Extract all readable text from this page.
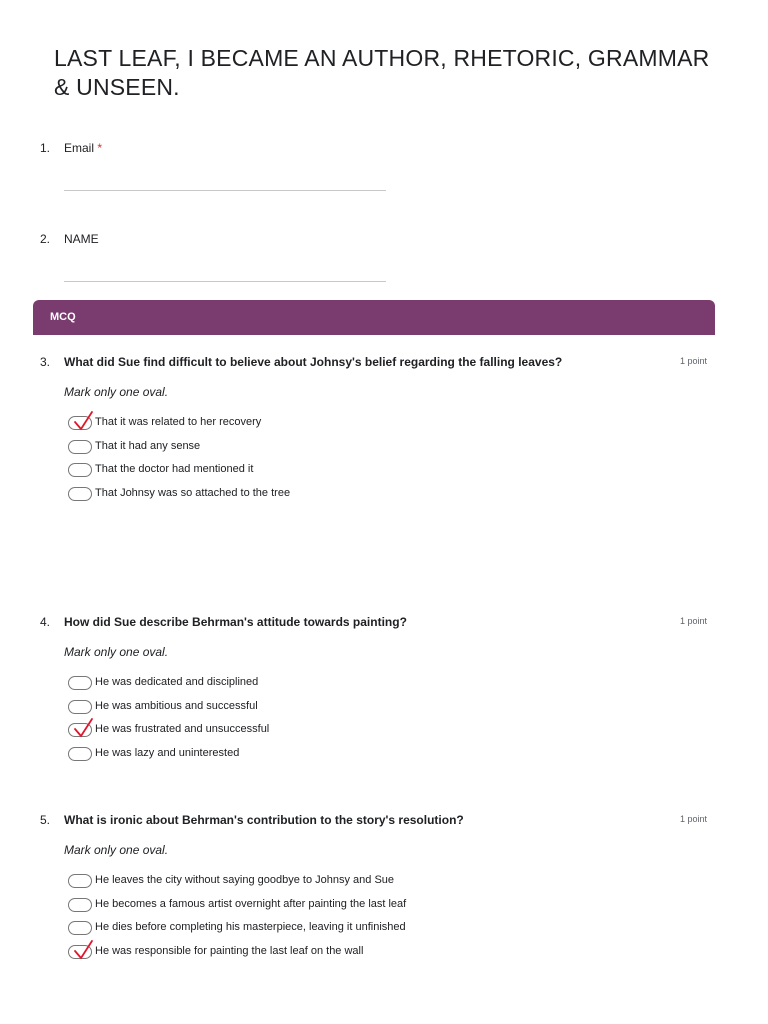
LAST LEAF, I BECAME AN AUTHOR, RHETORIC, GRAMMAR & UNSEEN.
1. Email *
2. NAME
MCQ
3. What did Sue find difficult to believe about Johnsy's belief regarding the falling leaves?	1 point
Mark only one oval.
That it was related to her recovery
That it had any sense
That the doctor had mentioned it
That Johnsy was so attached to the tree
4. How did Sue describe Behrman's attitude towards painting?	1 point
Mark only one oval.
He was dedicated and disciplined
He was ambitious and successful
He was frustrated and unsuccessful
He was lazy and uninterested
5. What is ironic about Behrman's contribution to the story's resolution?	1 point
Mark only one oval.
He leaves the city without saying goodbye to Johnsy and Sue
He becomes a famous artist overnight after painting the last leaf
He dies before completing his masterpiece, leaving it unfinished
He was responsible for painting the last leaf on the wall
